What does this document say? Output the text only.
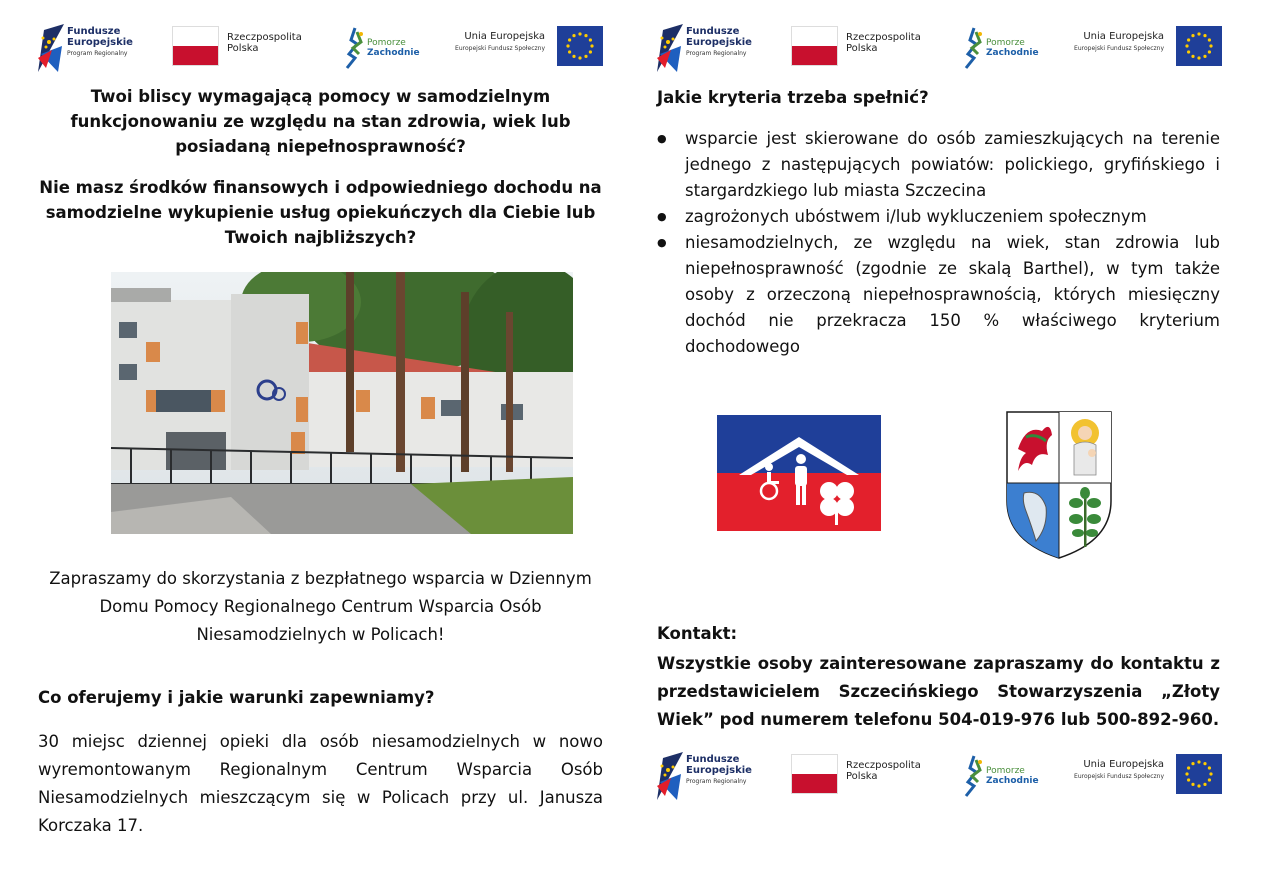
Fundusze
Europejskie
Program Regionalny
Rzeczpospolita
Polska	Pomorze
Zachodnie
Unia Europejska
Europejski Fundusz Społeczny
Twoi bliscy wymagającą pomocy w samodzielnym funkcjonowaniu ze względu na stan zdrowia, wiek lub posiadaną niepełnosprawność?
Nie masz środków finansowych i odpowiedniego dochodu na samodzielne wykupienie usług opiekuńczych dla Ciebie lub Twoich najbliższych?
Zapraszamy do skorzystania z bezpłatnego wsparcia w Dziennym Domu Pomocy Regionalnego Centrum Wsparcia Osób Niesamodzielnych w Policach!
Co oferujemy i jakie warunki zapewniamy?
30 miejsc dziennej opieki dla osób niesamodzielnych w nowo wyremontowanym Regionalnym Centrum Wsparcia Osób Niesamodzielnych mieszczącym się w Policach przy ul. Janusza Korczaka 17.
Fundusze
Europejskie
Program Regionalny
Rzeczpospolita
Polska	Pomorze
Zachodnie
Unia Europejska
Europejski Fundusz Społeczny
Jakie kryteria trzeba spełnić?
● wsparcie jest skierowane do osób zamieszkujących na terenie jednego z następujących powiatów: polickiego, gryfińskiego i stargardzkiego lub miasta Szczecina
● zagrożonych ubóstwem i/lub wykluczeniem społecznym
● niesamodzielnych, ze względu na wiek, stan zdrowia lub niepełnosprawność (zgodnie ze skalą Barthel), w tym także osoby z orzeczoną niepełnosprawnością, których miesięczny dochód nie przekracza 150 % właściwego kryterium dochodowego
Kontakt:
Wszystkie osoby zainteresowane zapraszamy do kontaktu z przedstawicielem Szczecińskiego Stowarzyszenia „Złoty Wiek” pod numerem telefonu 504-019-976 lub 500-892-960.
Fundusze
Europejskie
Program Regionalny
Rzeczpospolita
Polska	Pomorze
Zachodnie
Unia Europejska
Europejski Fundusz Społeczny
